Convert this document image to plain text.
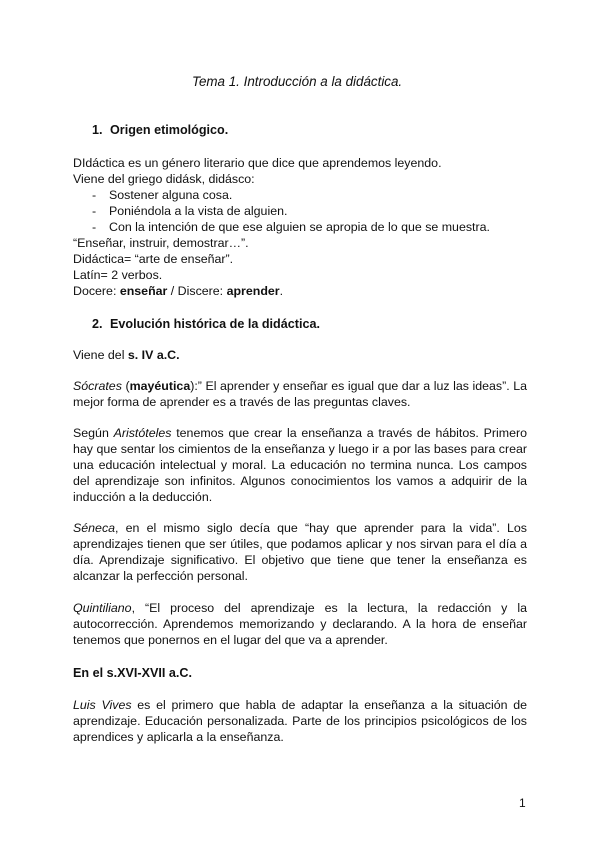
Tema 1. Introducción a la didáctica.

1. Origen etimológico.

DIdáctica es un género literario que dice que aprendemos leyendo.

Viene del griego didásk, didásco:

- Sostener alguna cosa.

- Poniéndola a la vista de alguien.

- Con la intención de que ese alguien se apropia de lo que se muestra.

“Enseñar, instruir, demostrar…”.

Didáctica= “arte de enseñar”.

Latín= 2 verbos.

Docere: enseñar / Discere: aprender.

2. Evolución histórica de la didáctica.

Viene del s. IV a.C.

Sócrates (mayéutica):” El aprender y enseñar es igual que dar a luz las ideas”. La mejor forma de aprender es a través de las preguntas claves.

Según Aristóteles tenemos que crear la enseñanza a través de hábitos. Primero hay que sentar los cimientos de la enseñanza y luego ir a por las bases para crear una educación intelectual y moral. La educación no termina nunca. Los campos del aprendizaje son infinitos. Algunos conocimientos los vamos a adquirir de la inducción a la deducción.

Séneca, en el mismo siglo decía que “hay que aprender para la vida”. Los aprendizajes tienen que ser útiles, que podamos aplicar y nos sirvan para el día a día. Aprendizaje significativo. El objetivo que tiene que tener la enseñanza es alcanzar la perfección personal.

Quintiliano, “El proceso del aprendizaje es la lectura, la redacción y la autocorrección. Aprendemos memorizando y declarando. A la hora de enseñar tenemos que ponernos en el lugar del que va a aprender.

En el s.XVI-XVII a.C.

Luis Vives es el primero que habla de adaptar la enseñanza a la situación de aprendizaje. Educación personalizada. Parte de los principios psicológicos de los aprendices y aplicarla a la enseñanza.

1
